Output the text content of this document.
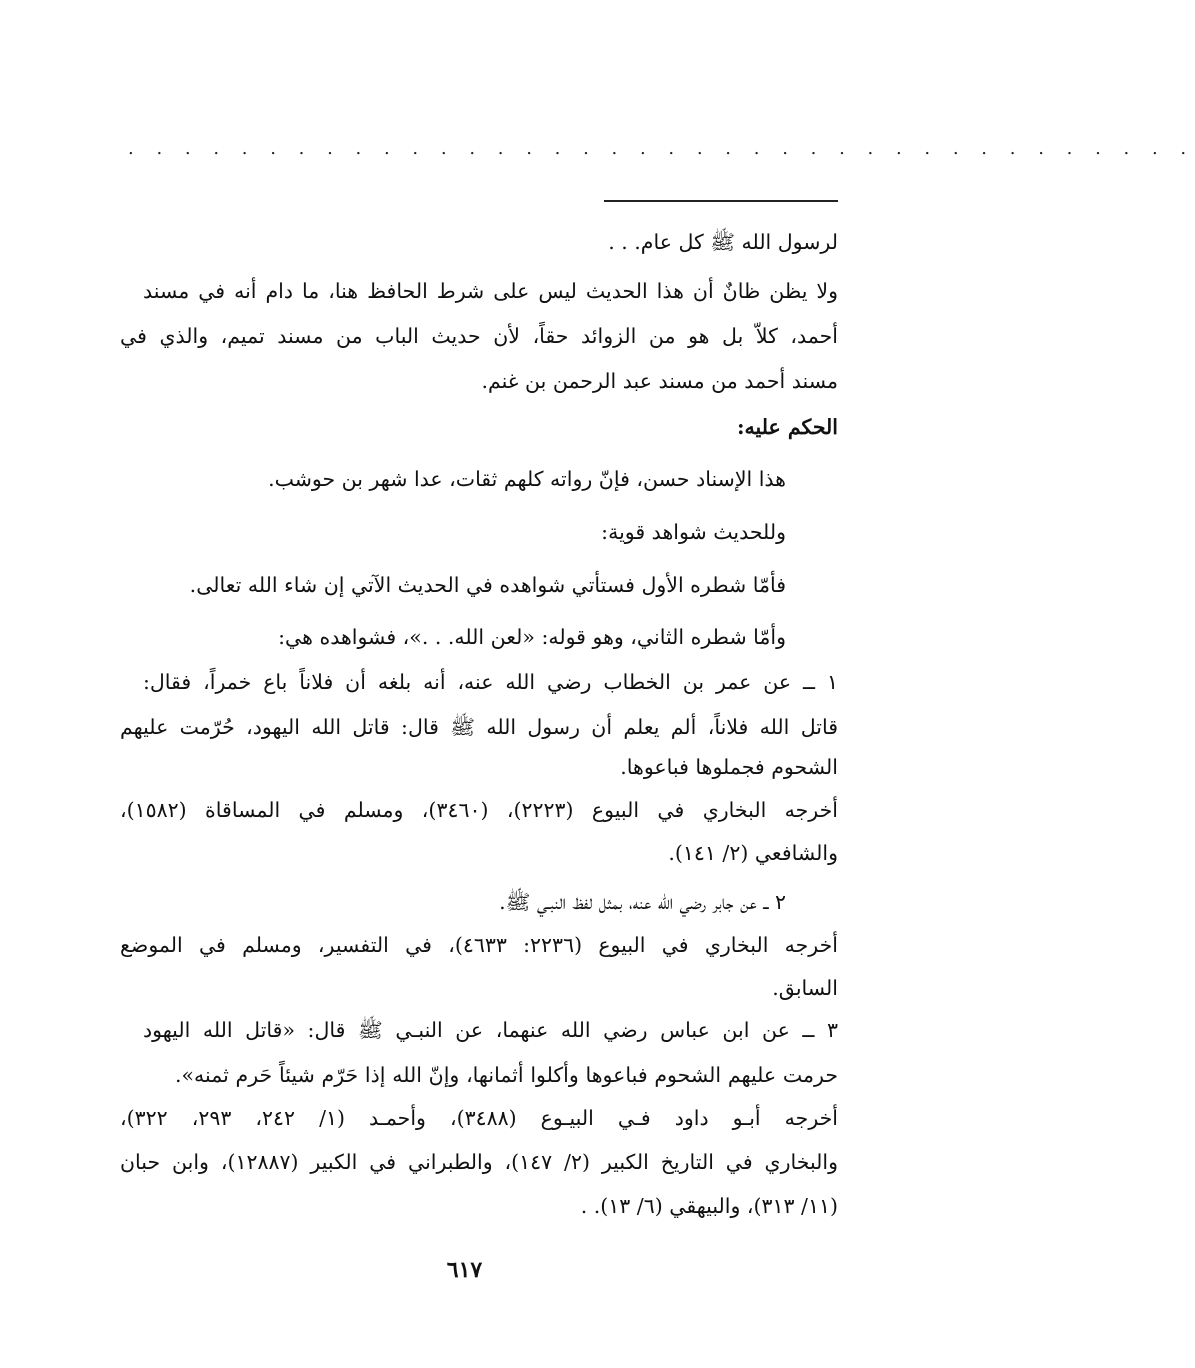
. . . . . . . . . . . . . . . . . . . . . . . . . . . . . . . . . . . . . .
لرسول الله ﷺ كل عام. . .
ولا يظن ظانٌ أن هذا الحديث ليس على شرط الحافظ هنا، ما دام أنه في مسند
أحمد، كلاّ بل هو من الزوائد حقاً، لأن حديث الباب من مسند تميم، والذي في
مسند أحمد من مسند عبد الرحمن بن غنم.
الحكم عليه:
هذا الإسناد حسن، فإنّ رواته كلهم ثقات، عدا شهر بن حوشب.
وللحديث شواهد قوية:
فأمّا شطره الأول فستأتي شواهده في الحديث الآتي إن شاء الله تعالى.
وأمّا شطره الثاني، وهو قوله: «لعن الله. . .»، فشواهده هي:
١ ــ عن عمر بن الخطاب رضي الله عنه، أنه بلغه أن فلاناً باع خمراً، فقال:
قاتل الله فلاناً، ألم يعلم أن رسول الله ﷺ قال: قاتل الله اليهود، حُرّمت عليهم
الشحوم فجملوها فباعوها.
أخرجه البخاري في البيوع (٢٢٢٣)، (٣٤٦٠)، ومسلم في المساقاة (١٥٨٢)،
والشافعي (٢/ ١٤١).
٢ ــ عن جابر رضي الله عنه، بمثل لفظ النبـي ﷺ.
أخرجه البخاري في البيوع (٢٢٣٦: ٤٦٣٣)، في التفسير، ومسلم في الموضع
السابق.
٣ ــ عن ابن عباس رضي الله عنهما، عن النبـي ﷺ قال: «قاتل الله اليهود
حرمت عليهم الشحوم فباعوها وأكلوا أثمانها، وإنّ الله إذا حَرّم شيئاً حَرم ثمنه».
أخرجه أبـو داود فـي البيـوع (٣٤٨٨)، وأحمـد (١/ ٢٤٢، ٢٩٣، ٣٢٢)،
والبخاري في التاريخ الكبير (٢/ ١٤٧)، والطبراني في الكبير (١٢٨٨٧)، وابن حبان
(١١/ ٣١٣)، والبيهقي (٦/ ١٣). .
٦١٧
